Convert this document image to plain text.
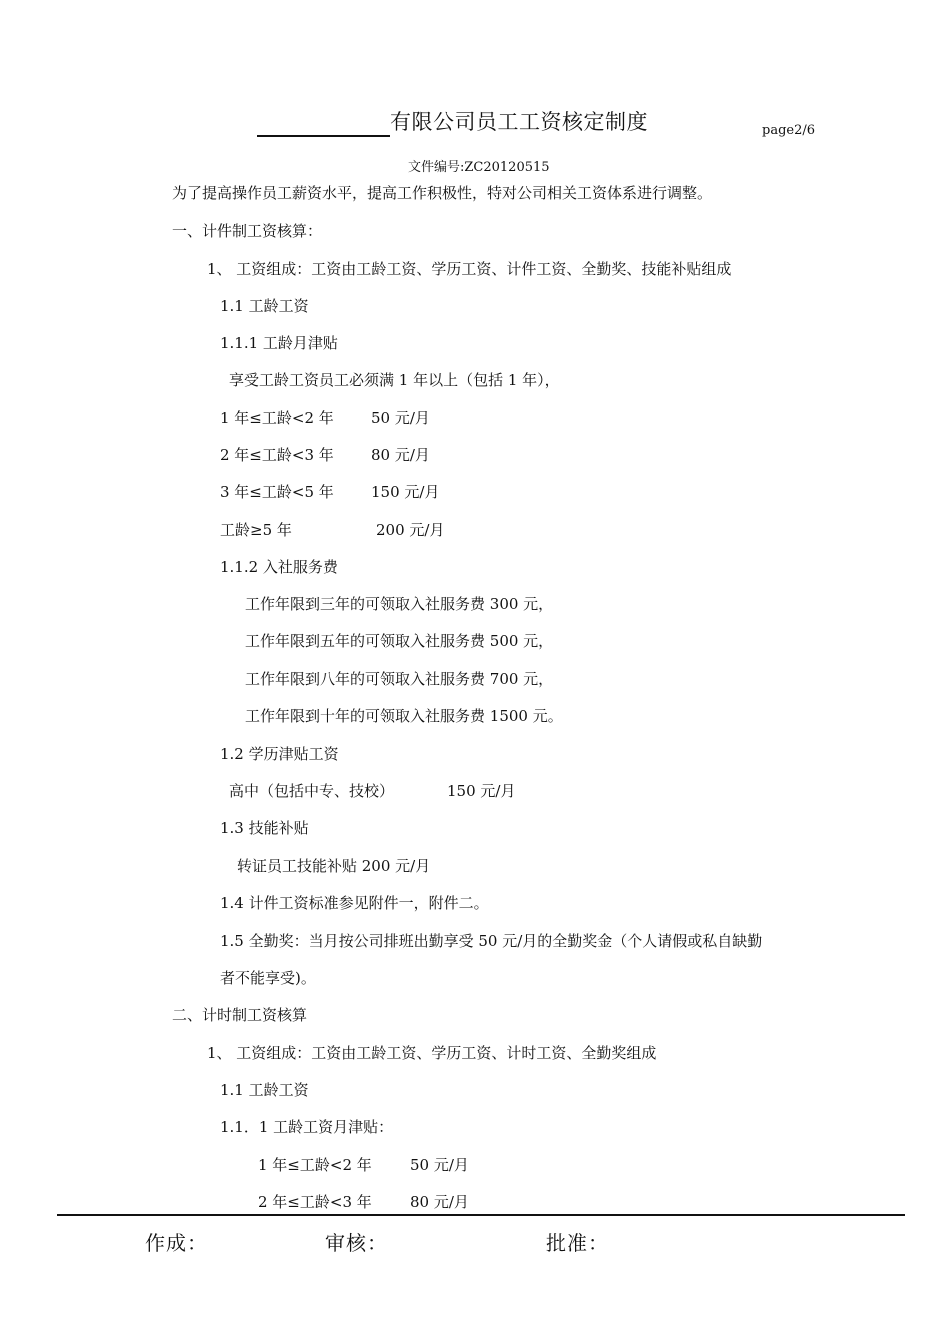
有限公司员工工资核定制度	page2/6
文件编号:ZC20120515
为了提高操作员工薪资水平，提高工作积极性，特对公司相关工资体系进行调整。
一、计件制工资核算：
1、 工资组成：工资由工龄工资、学历工资、计件工资、全勤奖、技能补贴组成
1.1 工龄工资
1.1.1 工龄月津贴
享受工龄工资员工必须满 1 年以上（包括 1 年），
1 年≤工龄<2 年 50 元/月
2 年≤工龄<3 年 80 元/月
3 年≤工龄<5 年 150 元/月
工龄≥5 年	200 元/月
1.1.2 入社服务费
工作年限到三年的可领取入社服务费 300 元，
工作年限到五年的可领取入社服务费 500 元，
工作年限到八年的可领取入社服务费 700 元，
工作年限到十年的可领取入社服务费 1500 元。
1.2 学历津贴工资
高中（包括中专、技校）	150 元/月
1.3 技能补贴
转证员工技能补贴 200 元/月
1.4 计件工资标准参见附件一，附件二。
1.5 全勤奖：当月按公司排班出勤享受 50 元/月的全勤奖金（个人请假或私自缺勤
者不能享受)。
二、计时制工资核算
1、 工资组成：工资由工龄工资、学历工资、计时工资、全勤奖组成
1.1 工龄工资
1.1．1 工龄工资月津贴：
1 年≤工龄<2 年	50 元/月
2 年≤工龄<3 年	80 元/月
作成：	审核：	批准：
